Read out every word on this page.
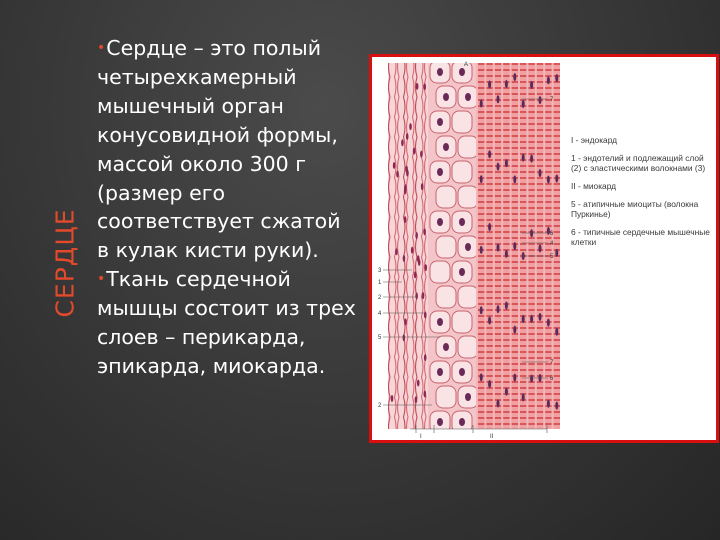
СЕРДЦЕ

•Сердце – это полый четырехкамерный мышечный орган конусовидной формы, массой около 300 г (размер его соответствует сжатой в кулак кисти руки).

•Ткань сердечной мышцы состоит из трех слоев – перикарда, эпикарда, миокарда.

А
3
1
2
4
5
2
7
6
4
5
7
6
I	II
I - эндокард
1 - эндотелий и подлежащий слой (2) с эластическими волокнами (3)
II - миокард
5 - атипичные миоциты (волокна Пуркинье)
6 - типичные сердечные мышечные клетки
